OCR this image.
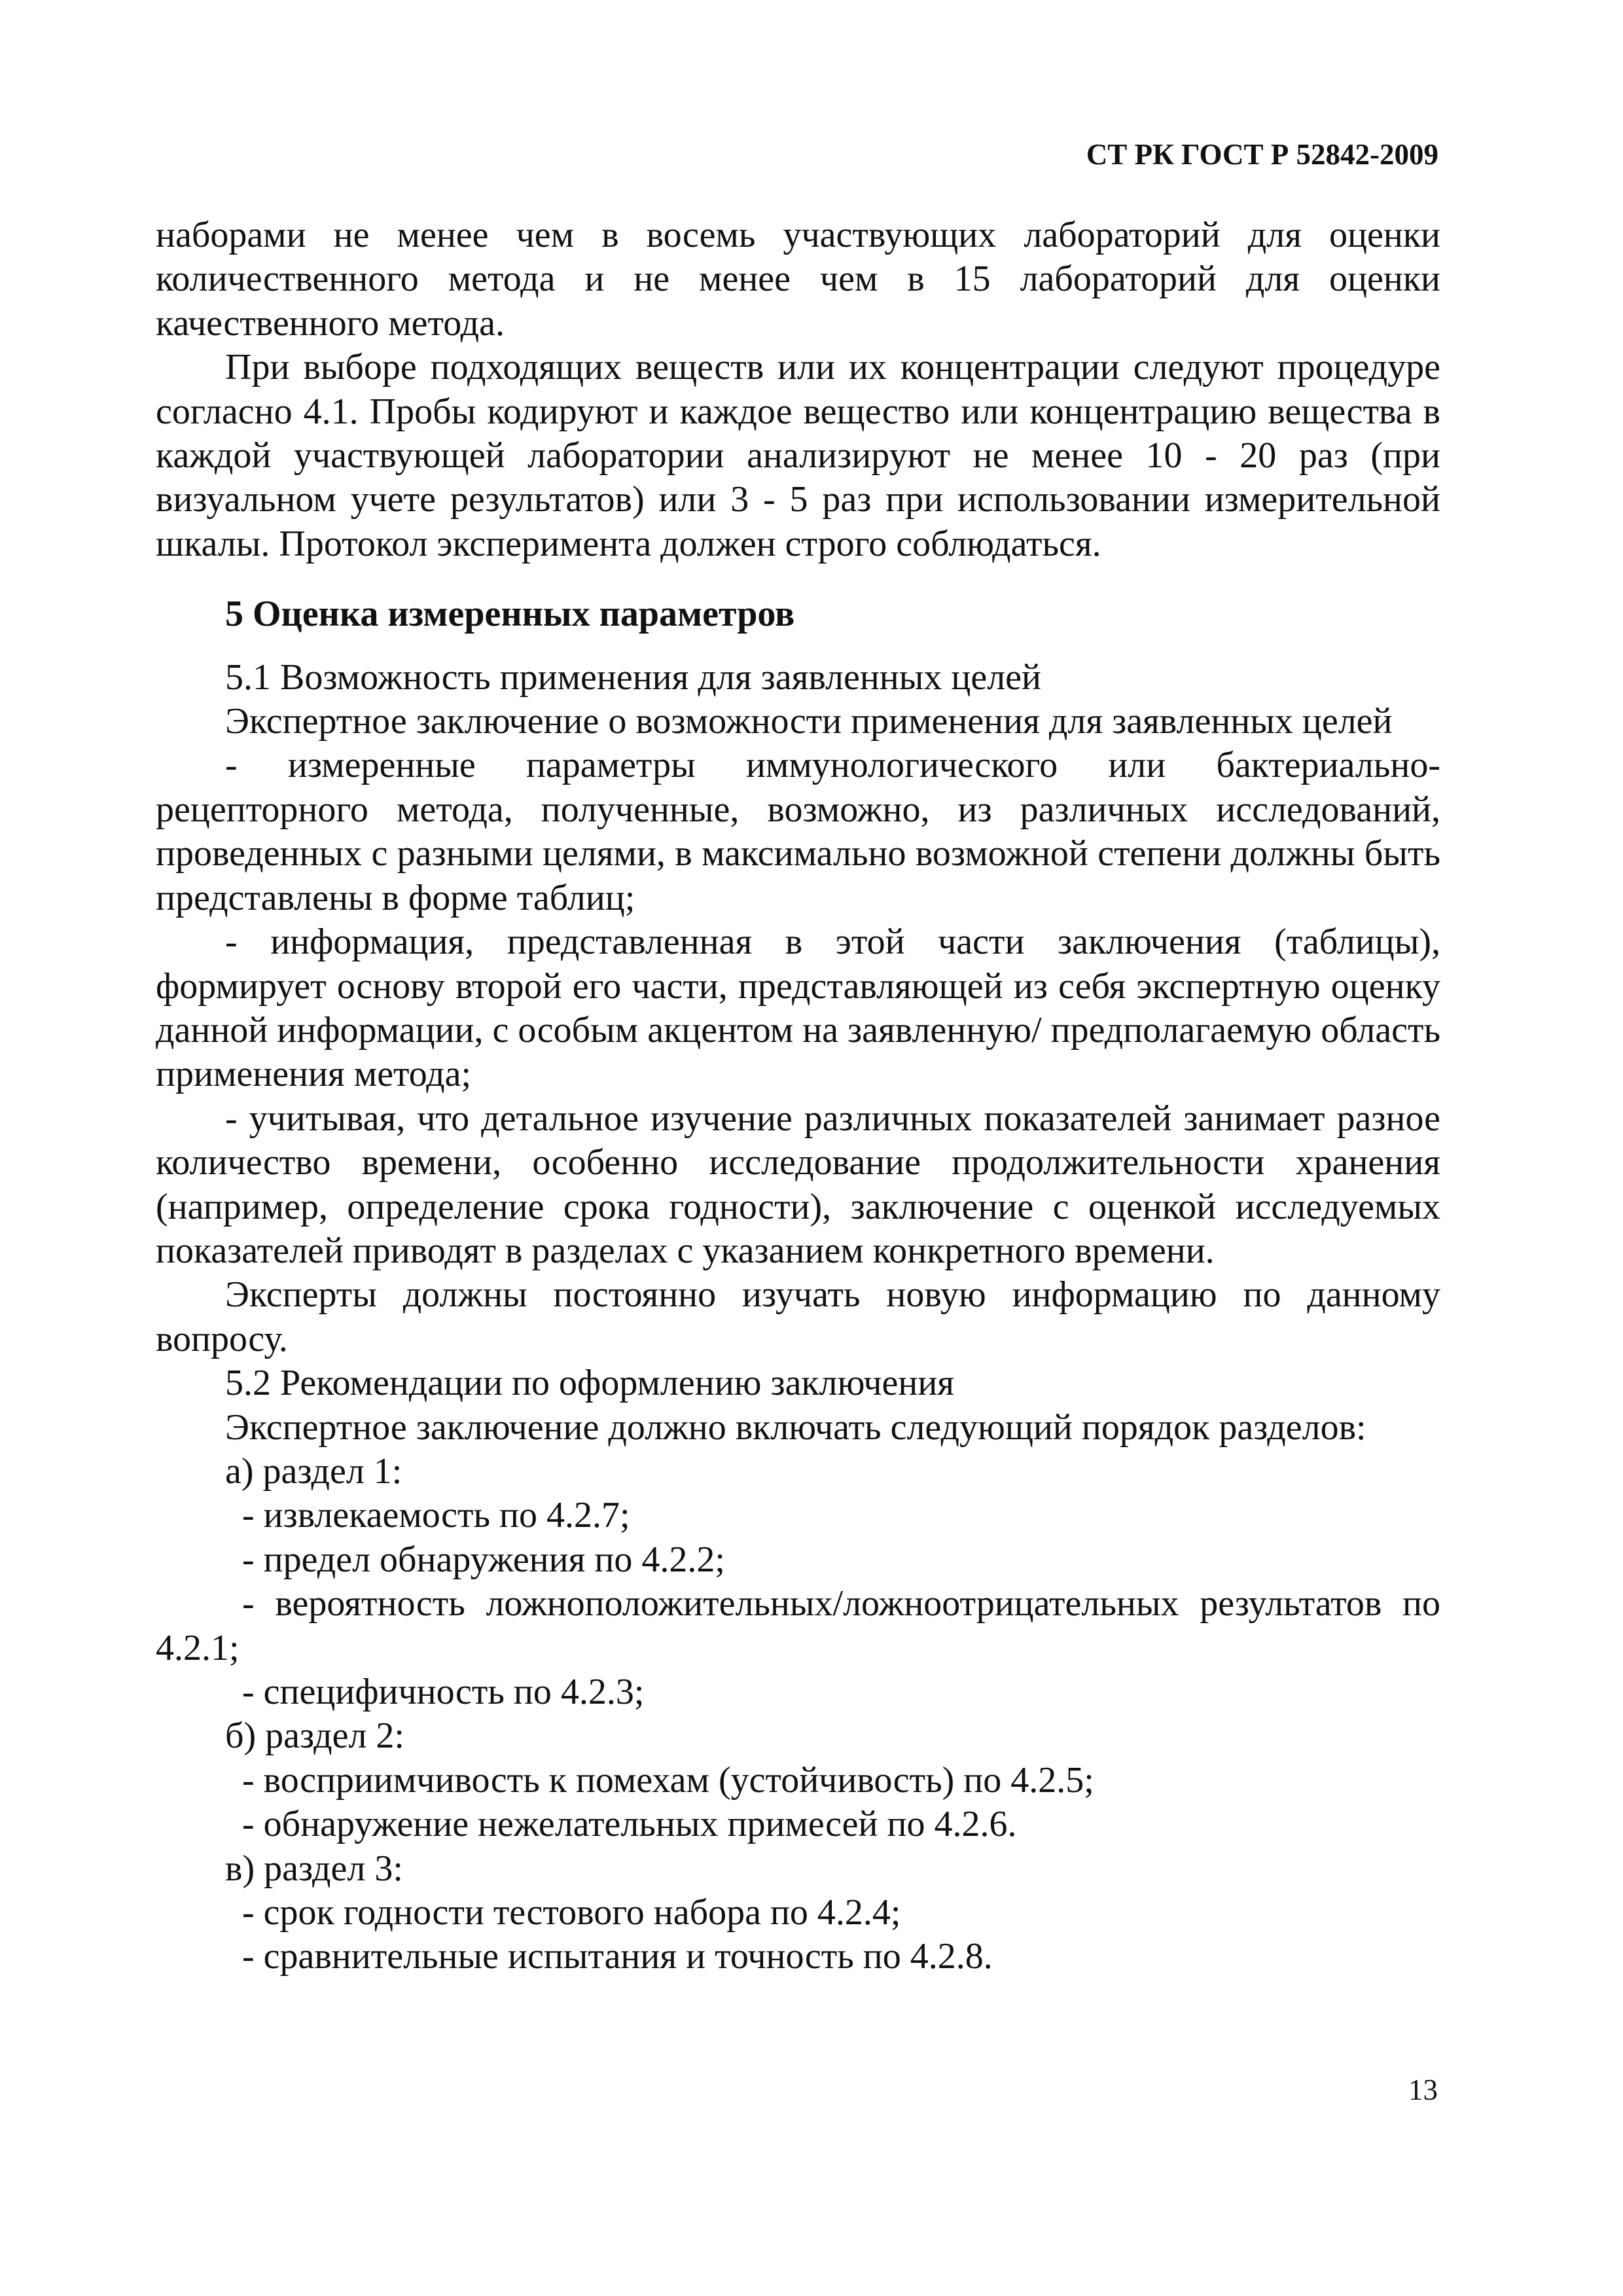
СТ РК ГОСТ Р 52842-2009

наборами не менее чем в восемь участвующих лабораторий для оценки количественного метода и не менее чем в 15 лабораторий для оценки качественного метода.

При выборе подходящих веществ или их концентрации следуют процедуре согласно 4.1. Пробы кодируют и каждое вещество или концентрацию вещества в каждой участвующей лаборатории анализируют не менее 10 - 20 раз (при визуальном учете результатов) или 3 - 5 раз при использовании измерительной шкалы. Протокол эксперимента должен строго соблюдаться.

5 Оценка измеренных параметров

5.1 Возможность применения для заявленных целей

Экспертное заключение о возможности применения для заявленных целей

- измеренные параметры иммунологического или бактериально-рецепторного метода, полученные, возможно, из различных исследований, проведенных с разными целями, в максимально возможной степени должны быть представлены в форме таблиц;

- информация, представленная в этой части заключения (таблицы), формирует основу второй его части, представляющей из себя экспертную оценку данной информации, с особым акцентом на заявленную/ предполагаемую область применения метода;

- учитывая, что детальное изучение различных показателей занимает разное количество времени, особенно исследование продолжительности хранения (например, определение срока годности), заключение с оценкой исследуемых показателей приводят в разделах с указанием конкретного времени.

Эксперты должны постоянно изучать новую информацию по данному вопросу.

5.2 Рекомендации по оформлению заключения

Экспертное заключение должно включать следующий порядок разделов:

а) раздел 1:

- извлекаемость по 4.2.7;

- предел обнаружения по 4.2.2;

- вероятность ложноположительных/ложноотрицательных результатов по 4.2.1;

- специфичность по 4.2.3;

б) раздел 2:

- восприимчивость к помехам (устойчивость) по 4.2.5;

- обнаружение нежелательных примесей по 4.2.6.

в) раздел 3:

- срок годности тестового набора по 4.2.4;

- сравнительные испытания и точность по 4.2.8.

13
